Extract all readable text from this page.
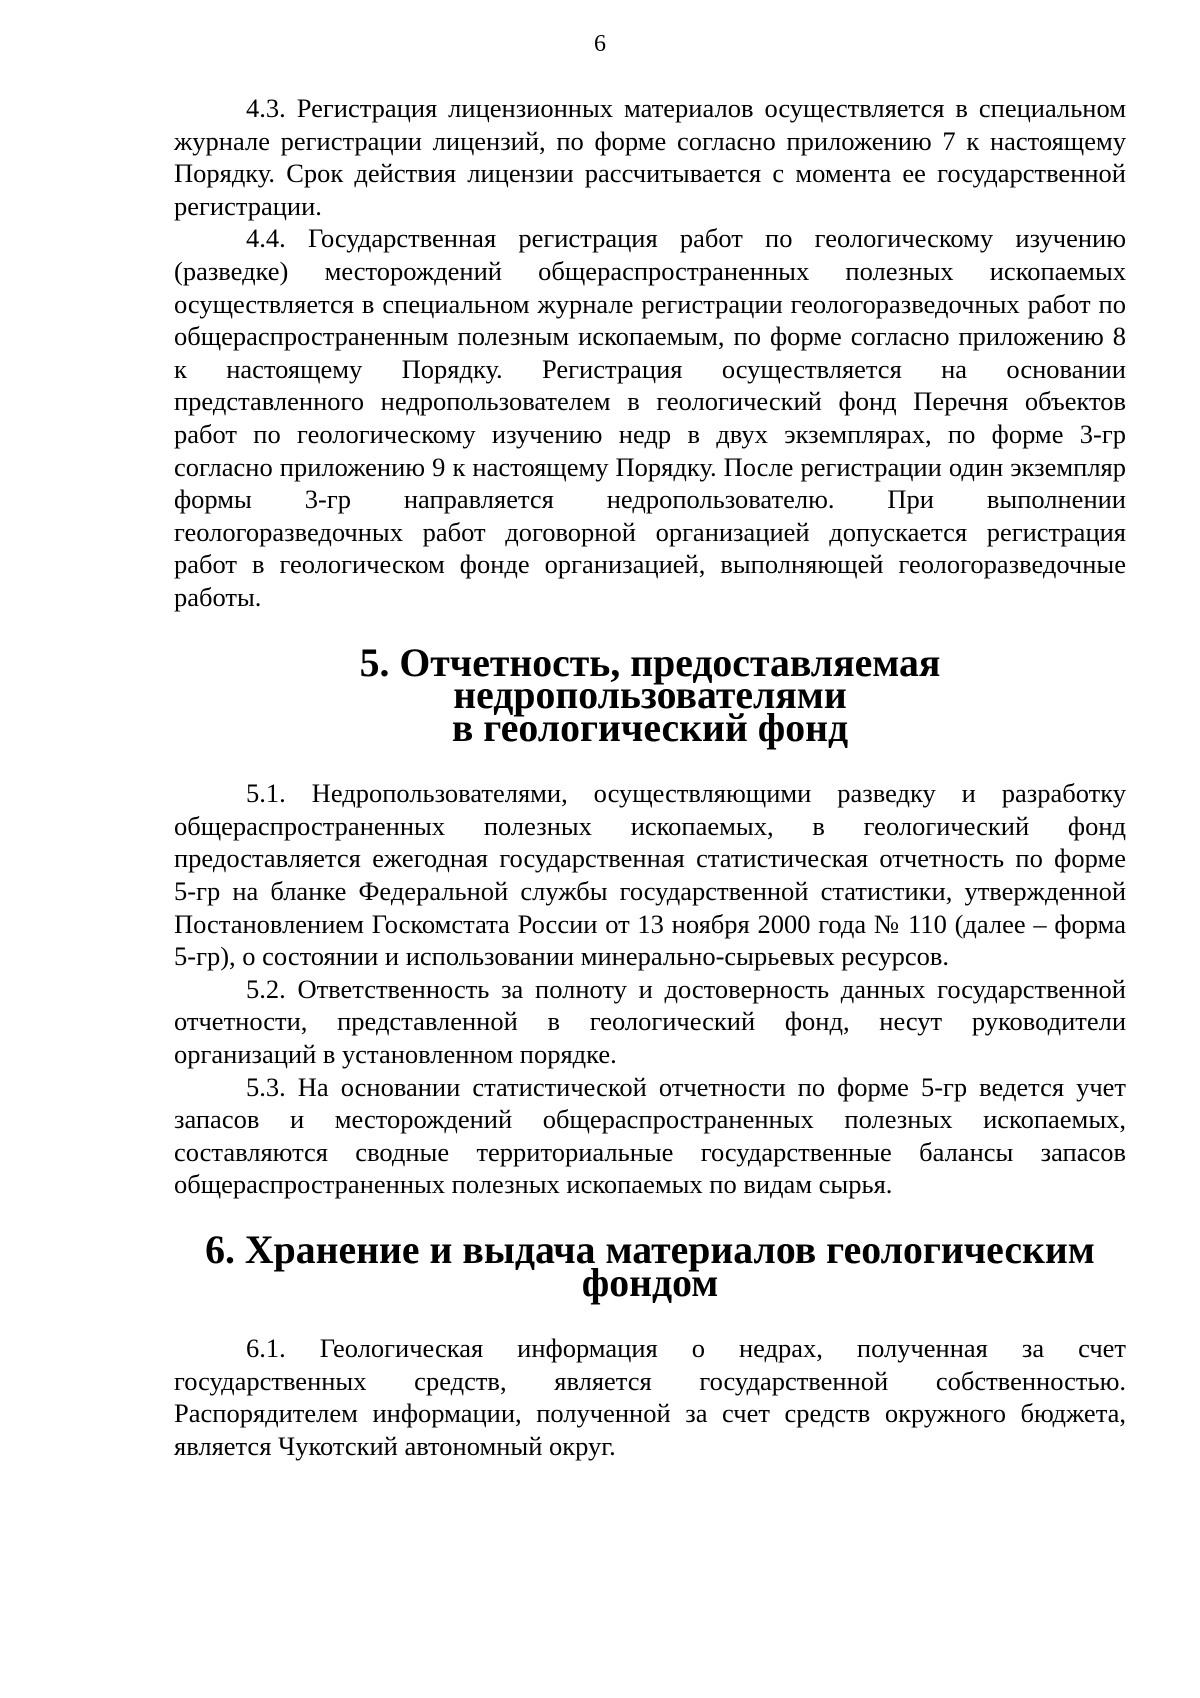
6

4.3. Регистрация лицензионных материалов осуществляется в специальном журнале регистрации лицензий, по форме согласно приложению 7 к настоящему Порядку. Срок действия лицензии рассчитывается с момента ее государственной регистрации.

4.4. Государственная регистрация работ по геологическому изучению (разведке) месторождений общераспространенных полезных ископаемых осуществляется в специальном журнале регистрации геологоразведочных работ по общераспространенным полезным ископаемым, по форме согласно приложению 8 к настоящему Порядку. Регистрация осуществляется на основании представленного недропользователем в геологический фонд Перечня объектов работ по геологическому изучению недр в двух экземплярах, по форме 3-гр согласно приложению 9 к настоящему Порядку. После регистрации один экземпляр формы 3-гр направляется недропользователю. При выполнении геологоразведочных работ договорной организацией допускается регистрация работ в геологическом фонде организацией, выполняющей геологоразведочные работы.

5. Отчетность, предоставляемая недропользователями
в геологический фонд

5.1. Недропользователями, осуществляющими разведку и разработку общераспространенных полезных ископаемых, в геологический фонд предоставляется ежегодная государственная статистическая отчетность по форме 5-гр на бланке Федеральной службы государственной статистики, утвержденной Постановлением Госкомстата России от 13 ноября 2000 года № 110 (далее – форма 5-гр), о состоянии и использовании минерально-сырьевых ресурсов.

5.2. Ответственность за полноту и достоверность данных государственной отчетности, представленной в геологический фонд, несут руководители организаций в установленном порядке.

5.3. На основании статистической отчетности по форме 5-гр ведется учет запасов и месторождений общераспространенных полезных ископаемых, составляются сводные территориальные государственные балансы запасов общераспространенных полезных ископаемых по видам сырья.

6. Хранение и выдача материалов геологическим фондом

6.1. Геологическая информация о недрах, полученная за счет государственных средств, является государственной собственностью. Распорядителем информации, полученной за счет средств окружного бюджета, является Чукотский автономный округ.
